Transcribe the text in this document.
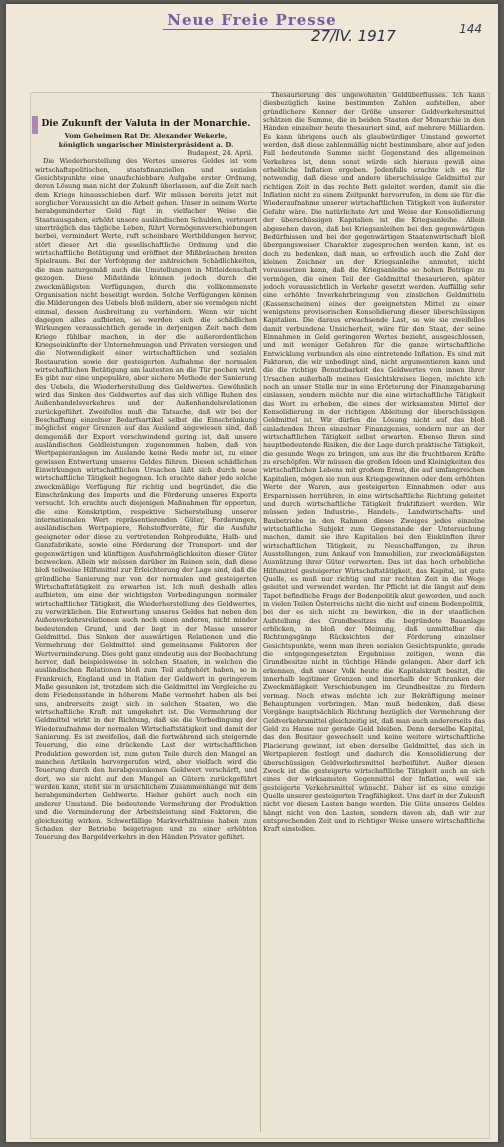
Neue Freie Presse
27/IV. 1917	144
Die Zukunft der Valuta in der Monarchie.
Vom Geheimen Rat Dr. Alexander Wekerle,
königlich ungarischer Ministerpräsident a. D.
Budapest, 24. April.

Die Wiederherstellung des Wertes unseres Geldes ist vom wirtschaftspolitischen, staatsfinanziellen und sozialen Gesichtspunkte eine unaufschiebbare Aufgabe erster Ordnung, deren Lösung man nicht der Zukunft überlassen, auf die Zeit nach dem Kriege hinausschieben darf. Wir müssen bereits jetzt mit sorglicher Voraussicht an die Arbeit gehen. Unser in seinem Werte herabgeminderter Geld fügt in vielfacher Weise die Staatsausgaben, erhöht unsere ausländischen Schulden, verteuert unerträglich das tägliche Leben, führt Vermögensverschiebungen herbei, vermindert Werte, ruft scheinbare Wertbildungen hervor, stört dieser Art die gesellschaftliche Ordnung und die wirtschaftliche Betätigung und eröffnet der Mißbräuchen breiten Spielraum. Bei der Verfolgung der zahlreichen Schädlichkeiten, die man naturgemäß auch die Umstellungen in Mitleidenschaft gezogen. Diese Mißstände können jedoch durch die zweckmäßigsten Verfügungen, durch die vollkommenste Organisation nicht beseitigt werden. Solche Verfügungen können die Milderungen des Uebels bloß mildern, aber sie vermögen nicht einmal, dessen Ausbreitung zu verhindern. Wenn wir nicht dagegen alles aufbieten, so werden sich die schädlichen Wirkungen voraussichtlich gerade in derjenigen Zeit nach dem Kriege fühlbar machen, in der die außerordentlichen Kriegseinkünfte der Unternehmungen und Privaten versiegen und die Notwendigkeit einer wirtschaftlichen und sozialen Restauration sowie der gesteigerten Aufnahme der normalen wirtschaftlichen Betätigung am lautesten an die Tür pochen wird. Es gibt nur eine unpopuläre, aber sichere Methode der Sanierung des Uebels, die Wiederherstellung des Geldwertes. Gewöhnlich wird das Sinken des Geldwertes auf das sich völlige Ruhen des Außenhandelsverkehres und der Außenhandelsrelationen zurückgeführt. Zweifellos muß die Tatsache, daß wir bei der Beschaffung einzelner Bedarfsartikel selbst die Einschränkung möglichst enger Grenzen auf das Ausland angewiesen sind, daß demgemäß der Export verschwindend gering ist, daß unsere ausländischen Geldleistungen zugenommen haben, daß von Wertpapieranlagen im Auslande keine Rede mehr ist, zu einer gewissen Entwertung unseres Geldes führen. Diesen schädlichen Einwirkungen wirtschaftlichen Ursachen läßt sich durch neue wirtschaftliche Tätigkeit begegnen. Ich erachte daher jede solche zweckmäßige Verfügung für richtig und begründet, die die Einschränkung des Imports und die Förderung unseres Exports versucht. Ich erachte auch diejenigen Maßnahmen für opportun, die eine Konskription, respektive Sicherstellung unserer internationalen Wert repräsentierenden Güter, Forderungen, ausländischen Wertpapiere, Rohstoffvorräte, für die Ausfuhr geeigneter oder diese zu vertretenden Rohprodukte, Halb- und Ganzfabrikate, sowie eine Förderung der Transport- und der gegenwärtigen und künftigen Ausfuhrmöglichkeiten dieser Güter bezwecken. Allein wir müssen darüber im Reinen sein, daß diese bloß teilweise Hilfsmittel zur Erleichterung der Lage sind, daß die gründliche Sanierung nur von der normalen und gesteigerten Wirtschaftstätigkeit zu erwarten ist. Ich muß deshalb alles aufbieten, um eine der wichtigsten Vorbedingungen normaler wirtschaftlicher Tätigkeit, die Wiederherstellung des Geldwertes, zu verwirklichen. Die Entwertung unseres Geldes hat neben den Außenverkehrsrelationen auch noch einen anderen, nicht minder bedeutenden Grund, und der liegt in der Masse unserer Geldmittel. Das Sinken der auswärtigen Relationen und die Vermehrung der Geldmittel sind gemeinsame Faktoren der Wertverminderung. Dies geht ganz eindeutig aus der Beobachtung hervor, daß beispielsweise in solchen Staaten, in welchen die ausländischen Relationen bloß zum Teil aufgehört haben, so in Frankreich, England und in Italien der Geldwert in geringerem Maße gesunken ist, trotzdem sich die Geldmittel im Vergleiche zu dem Friedensstande in höherem Maße vermehrt haben als bei uns, andrerseits zeigt sich in solchen Staaten, wo die wirtschaftliche Kraft mit umgekehrt ist. Die Vermehrung der Geldmittel wirkt in der Richtung, daß sie die Vorbedingung der Wiederaufnahme der normalen Wirtschaftstätigkeit und damit der Sanierung. Es ist zweifellos, daß die fortwährend sich steigernde Teuerung, die eine drückende Last der wirtschaftlichen Produktion geworden ist, zum guten Teile durch den Mangel an manchen Artikeln hervorgerufen wird, aber vielfach wird die Teuerung durch den herabgesunkenen Geldwert verschärft, und dort, wo sie nicht auf den Mangel an Gütern zurückgeführt werden kann, steht sie in ursächlichem Zusammenhange mit dem herabgeminderten Geldwerte. Hieher gehört auch noch ein anderer Umstand. Die bedeutende Vermehrung der Produktion und die Verminderung der Arbeitsleistung sind Faktoren, die gleichzeitig wirken. Schwerfällige Markverhältnisse haben zum Schaden der Betriebe beigetragen und zu einer erhöhten Teuerung des Bargeldverkehrs in den Händen Privater geführt.

Thesaurierung des ungewohnten Geldüberflusses. Ich kann diesbezüglich keine bestimmten Zahlen aufstellen, aber gründlichere Kenner der Größe unserer Geldverkehrsmittel schätzen die Summe, die in beiden Staaten der Monarchie in den Händen einzelner heute thesauriert sind, auf mehrere Milliarden. Es kann übrigens auch als glaubwürdiger Umstand gewertet werden, daß diese zahlenmäßig nicht bestimmbare, aber auf jeden Fall bedeutende Summe nicht Gegenstand des allgemeinen Verkehres ist, denn sonst würde sich hieraus gewiß eine erhebliche Inflation ergeben. Jedenfalls erachte ich es für notwendig, daß diese und andere überschüssige Geldmittel zur richtigen Zeit in das rechte Bett geleitet werden, damit sie die Inflation nicht zu einem Zeitpunkt hervorrufen, in dem sie für die Wiederaufnahme unserer wirtschaftlichen Tätigkeit von äußerster Gefahr wäre. Die natürlichste Art und Weise der Konsolidierung der überschüssigen Kapitalien ist die Kriegsanleihe. Allein abgesehen davon, daß bei Kriegsanleihen bei den gegenwärtigen Bedürfnissen und bei der gegenwärtigen Staatenwirtschaft bloß übergangsweiser Charakter zugesprochen werden kann, ist es doch zu bedenken, daß man, so erfreulich auch die Zahl der kleinen Zeichner an der Kriegsanleihe anmutet, nicht voraussetzen kann, daß die Kriegsanleihe so hohen Beträge zu vermögen, die einen Teil der Geldmittel thesaurieren, später jedoch voraussichtlich in Verkehr gesetzt werden. Auffällig sehr eine erhöhte Inverkehrbringung von zinslichen Geldmitteln (Kassenscheinen) eines der geeignetsten Mittel zu einer wenigstens provisorischen Konsolidierung dieser überschüssigen Kapitalien. Die daraus erwachsende Last, so wie sie zweifellos damit verbundene Unsicherheit, wäre für den Staat, der seine Einnahmen in Geld geringeren Wertes bezieht, ausgeschlossen, und mit weniger Gefahren für die ganze wirtschaftliche Entwicklung verbunden als eine eintretende Inflation. Es sind mit Faktoren, die wir unbedingt sind, nicht argumentieren kann und die die richtige Benutzbarkeit des Geldwertes von innen ihrer Ursachen außerhalb meines Gesichtskreises liegen, möchte ich noch an unser Stelle nur in eine Erörterung der Finanzgebarung einlassen, sondern möchte nur die eine wirtschaftliche Tätigkeit das Wort zu erheben, die eines der wirksamsten Mittel der Konsolidierung in der richtigen Ableitung der überschüssigen Geldmittel ist. Wir dürfen die Lösung nicht auf das bloß einladenden Ihren einzelner Finanzgenies, sondern nur an der wirtschaftlichen Tätigkeit selbst erwarten. Ebenso Ihren sind hauptbedeutende Risiken, die der Lage durch praktische Tätigkeit, die gesunde Wege zu bringen, um aus ihr die fruchtbaren Kräfte zu erschöpfen. Wir müssen die großen Ideen und Kleinigkeiten des wirtschaftlichen Lebens mit großem Ernst, die auf umfangreichen Kapitalien, mögen sie nun aus Kriegsgewinnen oder dem erhöhten Werte der Waren, aus gesteigerten Einnahmen oder aus Ersparnissen herrühren, in eine wirtschaftliche Richtung geleitet und durch wirtschaftliche Tätigkeit fruktifiziert werden. Wir müssen jeden Industrie-, Handels-, Landwirtschafts- und Baubetriebe in den Rahmen dieses Zweiges jedes einzelne wirtschaftliche Subjekt zum Gegenstande der Untersuchung machen, damit sie ihre Kapitalien bei den Einkünften ihrer wirtschaftlichen Tätigkeit, zu Neuschaffungen, zu ihren Ausstellungen, zum Ankauf von Immobilien, zur zweckmäßigsten Ausnützung ihrer Güter verwerten. Das ist das hoch erhebliche Hilfsmittel gesteigerter Wirtschaftstätigkeit, das Kapital, ist gute Quelle, es muß nur richtig und zur rechten Zeit in die Wege geleitet und verwendet werden. Ihr Pflicht ist die längst auf dem Tapet befindliche Frage der Bodenpolitik akut geworden, und auch in vielen Teilen Österreichs nicht die nicht auf einem Bodenpolitik, bei der es sich nicht zu bewirken, die in der staatlichen Aufstellung des Grundbesitzes die begründete Bauanlage erblicken, in bloß der Meinung, daß unmittelbar die Richtungsgänge Rücksichten der Förderung einzelner Gesichtspunkte, wenn man ihren sozialen Gesichtspunkte, gerade die entgegengesetzten Ergebnisse zeitigen, wenn die Grundbesitze nicht in tüchtige Hände gelangen. Aber darf ich erkennen, daß unser Volk heute die Kapitalskraft besitzt, die innerhalb legitimer Grenzen und innerhalb der Schranken der Zweckmäßigkeit Verschiebungen im Grundbesitze zu fördern vermag. Noch etwas möchte ich zur Bekräftigung meiner Behauptungen vorbringen. Man muß bedenken, daß diese Vorgänge hauptsächlich Richtung bezüglich der Vermehrung der Geldverkehrsmittel gleichzeitig ist, daß man auch andererseits das Geld zu Hause nur gerade Geld bleiben. Denn derselbe Kapital, das den Besitzer gewechselt und keine weitere wirtschaftliche Placierung gewinnt, ist eben derselbe Geldmittel, das sich in Wertpapieren festlegt und dadurch die Konsolidierung der überschüssigen Geldverkehrsmittel herbeiführt. Außer diesen Zweck ist die gesteigerte wirtschaftliche Tätigkeit auch an sich eines der wirksamsten Gegenmittel der Inflation, weil sie gesteigerte Verkehrsmittel wünscht. Daher ist es eine einzige Quelle unserer gesteigerten Tragfähigkeit. Uns darf in der Zukunft nicht vor diesen Lasten bange werden. Die Güte unseres Geldes hängt nicht von den Lasten, sondern davon ab, daß wir zur entsprechenden Zeit und in richtiger Weise unsere wirtschaftliche Kraft einstellen.
